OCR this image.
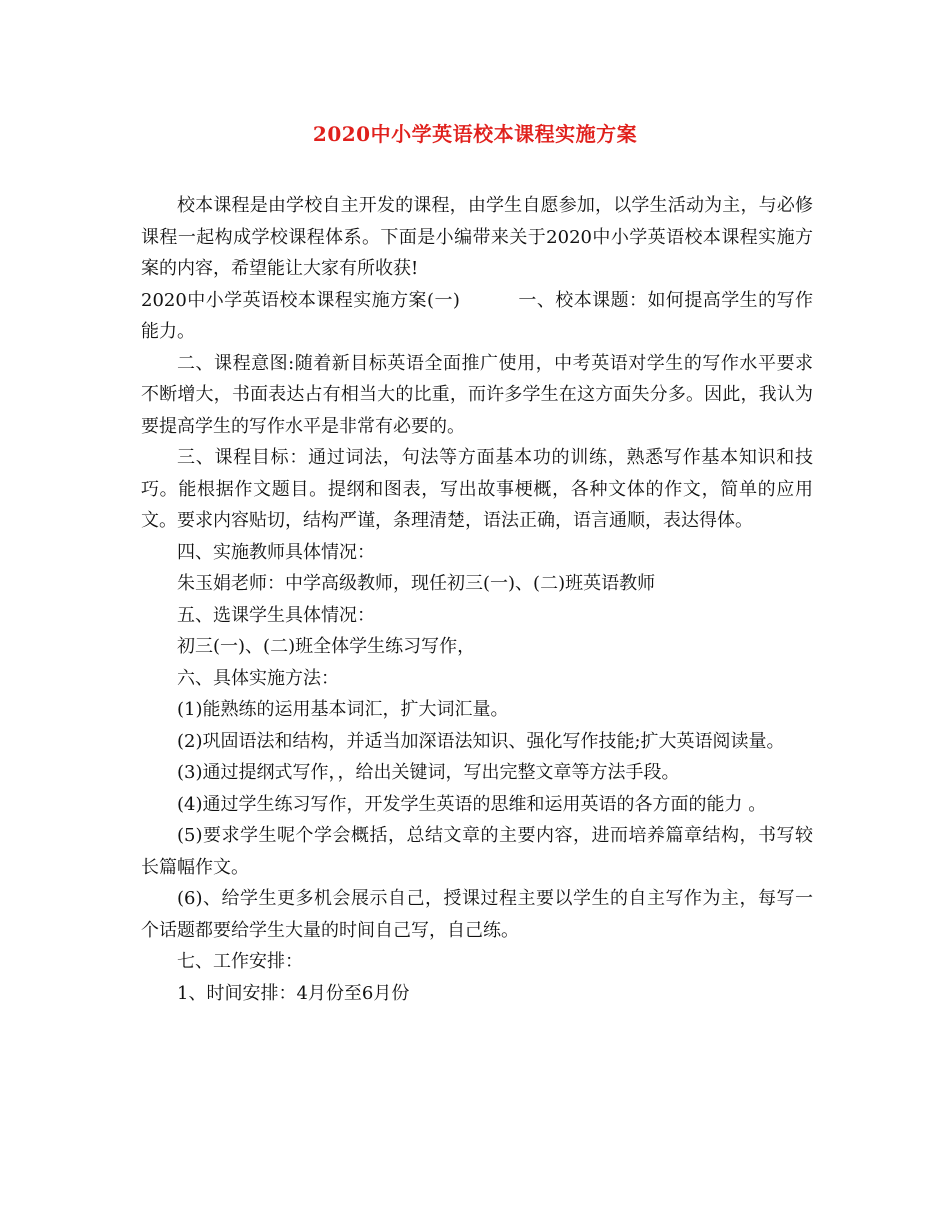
2020中小学英语校本课程实施方案

校本课程是由学校自主开发的课程，由学生自愿参加，以学生活动为主，与必修课程一起构成学校课程体系。下面是小编带来关于2020中小学英语校本课程实施方案的内容，希望能让大家有所收获!

2020中小学英语校本课程实施方案(一)	一、校本课题：如何提高学生的写作能力。

二、课程意图:随着新目标英语全面推广使用，中考英语对学生的写作水平要求不断增大，书面表达占有相当大的比重，而许多学生在这方面失分多。因此，我认为要提高学生的写作水平是非常有必要的。

三、课程目标：通过词法，句法等方面基本功的训练，熟悉写作基本知识和技巧。能根据作文题目。提纲和图表，写出故事梗概，各种文体的作文，简单的应用文。要求内容贴切，结构严谨，条理清楚，语法正确，语言通顺，表达得体。

四、实施教师具体情况：

朱玉娟老师：中学高级教师，现任初三(一)、(二)班英语教师

五、选课学生具体情况：

初三(一)、(二)班全体学生练习写作，

六、具体实施方法：

(1)能熟练的运用基本词汇，扩大词汇量。

(2)巩固语法和结构，并适当加深语法知识、强化写作技能;扩大英语阅读量。

(3)通过提纲式写作，，给出关键词，写出完整文章等方法手段。

(4)通过学生练习写作，开发学生英语的思维和运用英语的各方面的能力 。

(5)要求学生呢个学会概括，总结文章的主要内容，进而培养篇章结构，书写较长篇幅作文。

(6)、给学生更多机会展示自己，授课过程主要以学生的自主写作为主，每写一个话题都要给学生大量的时间自己写，自己练。

七、工作安排：

1、时间安排：4月份至6月份
